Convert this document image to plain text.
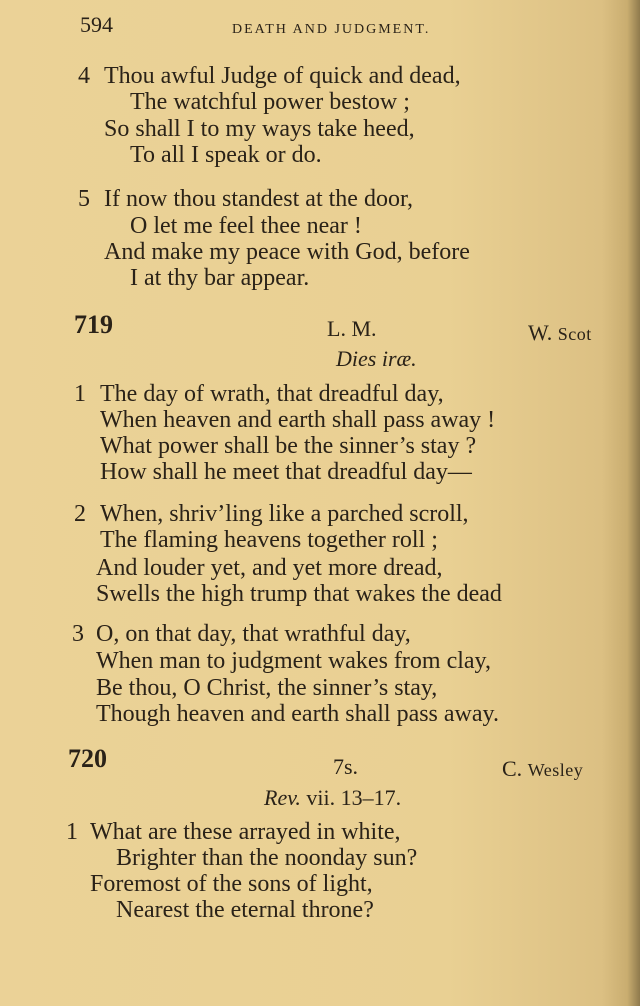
594	DEATH AND JUDGMENT.
4 Thou awful Judge of quick and dead,
The watchful power bestow ;
So shall I to my ways take heed,
To all I speak or do.
5 If now thou standest at the door,
O let me feel thee near !
And make my peace with God, before
I at thy bar appear.
719	L. M.	W. Scot
Dies iræ.
1 The day of wrath, that dreadful day,
When heaven and earth shall pass away !
What power shall be the sinner’s stay ?
How shall he meet that dreadful day—
2 When, shriv’ling like a parched scroll,
The flaming heavens together roll ;
And louder yet, and yet more dread,
Swells the high trump that wakes the dead
3 O, on that day, that wrathful day,
When man to judgment wakes from clay,
Be thou, O Christ, the sinner’s stay,
Though heaven and earth shall pass away.
720	7s.	C. Wesley
Rev. vii. 13–17.
1 What are these arrayed in white,
Brighter than the noonday sun?
Foremost of the sons of light,
Nearest the eternal throne?
